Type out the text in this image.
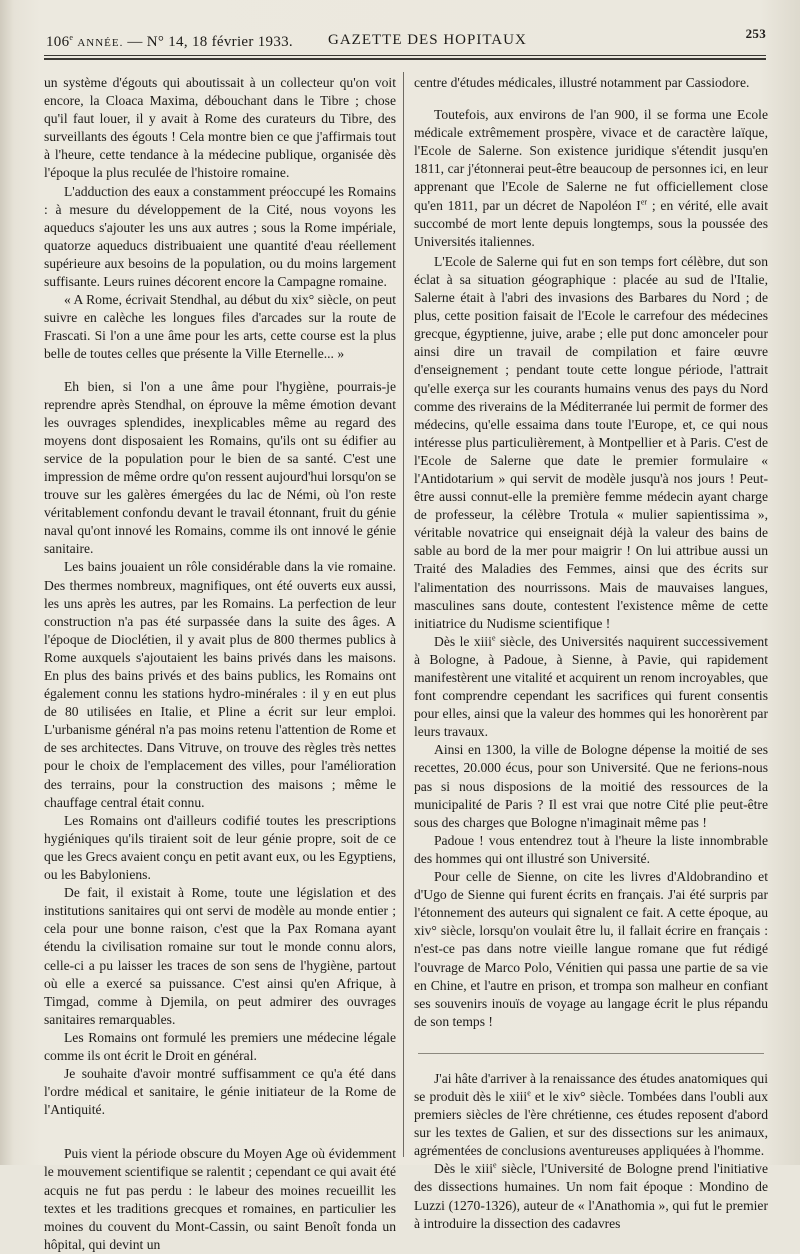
106e ANNÉE. — N° 14, 18 février 1933. GAZETTE DES HOPITAUX	253

un système d'égouts qui aboutissait à un collecteur qu'on voit encore, la Cloaca Maxima, débouchant dans le Tibre ; chose qu'il faut louer, il y avait à Rome des curateurs du Tibre, des surveillants des égouts ! Cela montre bien ce que j'affirmais tout à l'heure, cette tendance à la médecine publique, organisée dès l'époque la plus reculée de l'histoire romaine.

L'adduction des eaux a constamment préoccupé les Romains : à mesure du développement de la Cité, nous voyons les aqueducs s'ajouter les uns aux autres ; sous la Rome impériale, quatorze aqueducs distribuaient une quantité d'eau réellement supérieure aux besoins de la population, ou du moins largement suffisante. Leurs ruines décorent encore la Campagne romaine.

« A Rome, écrivait Stendhal, au début du xix° siècle, on peut suivre en calèche les longues files d'arcades sur la route de Frascati. Si l'on a une âme pour les arts, cette course est la plus belle de toutes celles que présente la Ville Eternelle... »

Eh bien, si l'on a une âme pour l'hygiène, pourrais-je reprendre après Stendhal, on éprouve la même émotion devant les ouvrages splendides, inexplicables même au regard des moyens dont disposaient les Romains, qu'ils ont su édifier au service de la population pour le bien de sa santé. C'est une impression de même ordre qu'on ressent aujourd'hui lorsqu'on se trouve sur les galères émergées du lac de Némi, où l'on reste véritablement confondu devant le travail étonnant, fruit du génie naval qu'ont innové les Romains, comme ils ont innové le génie sanitaire.

Les bains jouaient un rôle considérable dans la vie romaine. Des thermes nombreux, magnifiques, ont été ouverts eux aussi, les uns après les autres, par les Romains. La perfection de leur construction n'a pas été surpassée dans la suite des âges. A l'époque de Dioclétien, il y avait plus de 800 thermes publics à Rome auxquels s'ajoutaient les bains privés dans les maisons. En plus des bains privés et des bains publics, les Romains ont également connu les stations hydro-minérales : il y en eut plus de 80 utilisées en Italie, et Pline a écrit sur leur emploi. L'urbanisme général n'a pas moins retenu l'attention de Rome et de ses architectes. Dans Vitruve, on trouve des règles très nettes pour le choix de l'emplacement des villes, pour l'amélioration des terrains, pour la construction des maisons ; même le chauffage central était connu.

Les Romains ont d'ailleurs codifié toutes les prescriptions hygiéniques qu'ils tiraient soit de leur génie propre, soit de ce que les Grecs avaient conçu en petit avant eux, ou les Egyptiens, ou les Babyloniens.

De fait, il existait à Rome, toute une législation et des institutions sanitaires qui ont servi de modèle au monde entier ; cela pour une bonne raison, c'est que la Pax Romana ayant étendu la civilisation romaine sur tout le monde connu alors, celle-ci a pu laisser les traces de son sens de l'hygiène, partout où elle a exercé sa puissance. C'est ainsi qu'en Afrique, à Timgad, comme à Djemila, on peut admirer des ouvrages sanitaires remarquables.

Les Romains ont formulé les premiers une médecine légale comme ils ont écrit le Droit en général.

Je souhaite d'avoir montré suffisamment ce qu'a été dans l'ordre médical et sanitaire, le génie initiateur de la Rome de l'Antiquité.

Puis vient la période obscure du Moyen Age où évidemment le mouvement scientifique se ralentit ; cependant ce qui avait été acquis ne fut pas perdu : le labeur des moines recueillit les textes et les traditions grecques et romaines, en particulier les moines du couvent du Mont-Cassin, ou saint Benoît fonda un hôpital, qui devint un

centre d'études médicales, illustré notamment par Cassiodore.

Toutefois, aux environs de l'an 900, il se forma une Ecole médicale extrêmement prospère, vivace et de caractère laïque, l'Ecole de Salerne. Son existence juridique s'étendit jusqu'en 1811, car j'étonnerai peut-être beaucoup de personnes ici, en leur apprenant que l'Ecole de Salerne ne fut officiellement close qu'en 1811, par un décret de Napoléon Ier ; en vérité, elle avait succombé de mort lente depuis longtemps, sous la poussée des Universités italiennes.

L'Ecole de Salerne qui fut en son temps fort célèbre, dut son éclat à sa situation géographique : placée au sud de l'Italie, Salerne était à l'abri des invasions des Barbares du Nord ; de plus, cette position faisait de l'Ecole le carrefour des médecines grecque, égyptienne, juive, arabe ; elle put donc amonceler pour ainsi dire un travail de compilation et faire œuvre d'enseignement ; pendant toute cette longue période, l'attrait qu'elle exerça sur les courants humains venus des pays du Nord comme des riverains de la Méditerranée lui permit de former des médecins, qu'elle essaima dans toute l'Europe, et, ce qui nous intéresse plus particulièrement, à Montpellier et à Paris. C'est de l'Ecole de Salerne que date le premier formulaire « l'Antidotarium » qui servit de modèle jusqu'à nos jours ! Peut-être aussi connut-elle la première femme médecin ayant charge de professeur, la célèbre Trotula « mulier sapientissima », véritable novatrice qui enseignait déjà la valeur des bains de sable au bord de la mer pour maigrir ! On lui attribue aussi un Traité des Maladies des Femmes, ainsi que des écrits sur l'alimentation des nourrissons. Mais de mauvaises langues, masculines sans doute, contestent l'existence même de cette initiatrice du Nudisme scientifique !

Dès le xiii$^e$ siècle, des Universités naquirent successivement à Bologne, à Padoue, à Sienne, à Pavie, qui rapidement manifestèrent une vitalité et acquirent un renom incroyables, que font comprendre cependant les sacrifices qui furent consentis pour elles, ainsi que la valeur des hommes qui les honorèrent par leurs travaux.

Ainsi en 1300, la ville de Bologne dépense la moitié de ses recettes, 20.000 écus, pour son Université. Que ne ferions-nous pas si nous disposions de la moitié des ressources de la municipalité de Paris ? Il est vrai que notre Cité plie peut-être sous des charges que Bologne n'imaginait même pas !

Padoue ! vous entendrez tout à l'heure la liste innombrable des hommes qui ont illustré son Université.

Pour celle de Sienne, on cite les livres d'Aldobrandino et d'Ugo de Sienne qui furent écrits en français. J'ai été surpris par l'étonnement des auteurs qui signalent ce fait. A cette époque, au xiv° siècle, lorsqu'on voulait être lu, il fallait écrire en français : n'est-ce pas dans notre vieille langue romane que fut rédigé l'ouvrage de Marco Polo, Vénitien qui passa une partie de sa vie en Chine, et l'autre en prison, et trompa son malheur en confiant ses souvenirs inouïs de voyage au langage écrit le plus répandu de son temps !

J'ai hâte d'arriver à la renaissance des études anatomiques qui se produit dès le xiii$^e$ et le xiv° siècle. Tombées dans l'oubli aux premiers siècles de l'ère chrétienne, ces études reposent d'abord sur les textes de Galien, et sur des dissections sur les animaux, agrémentées de conclusions aventureuses appliquées à l'homme.

Dès le xiii$^e$ siècle, l'Université de Bologne prend l'initiative des dissections humaines. Un nom fait époque : Mondino de Luzzi (1270-1326), auteur de « l'Anathomia », qui fut le premier à introduire la dissection des cadavres
